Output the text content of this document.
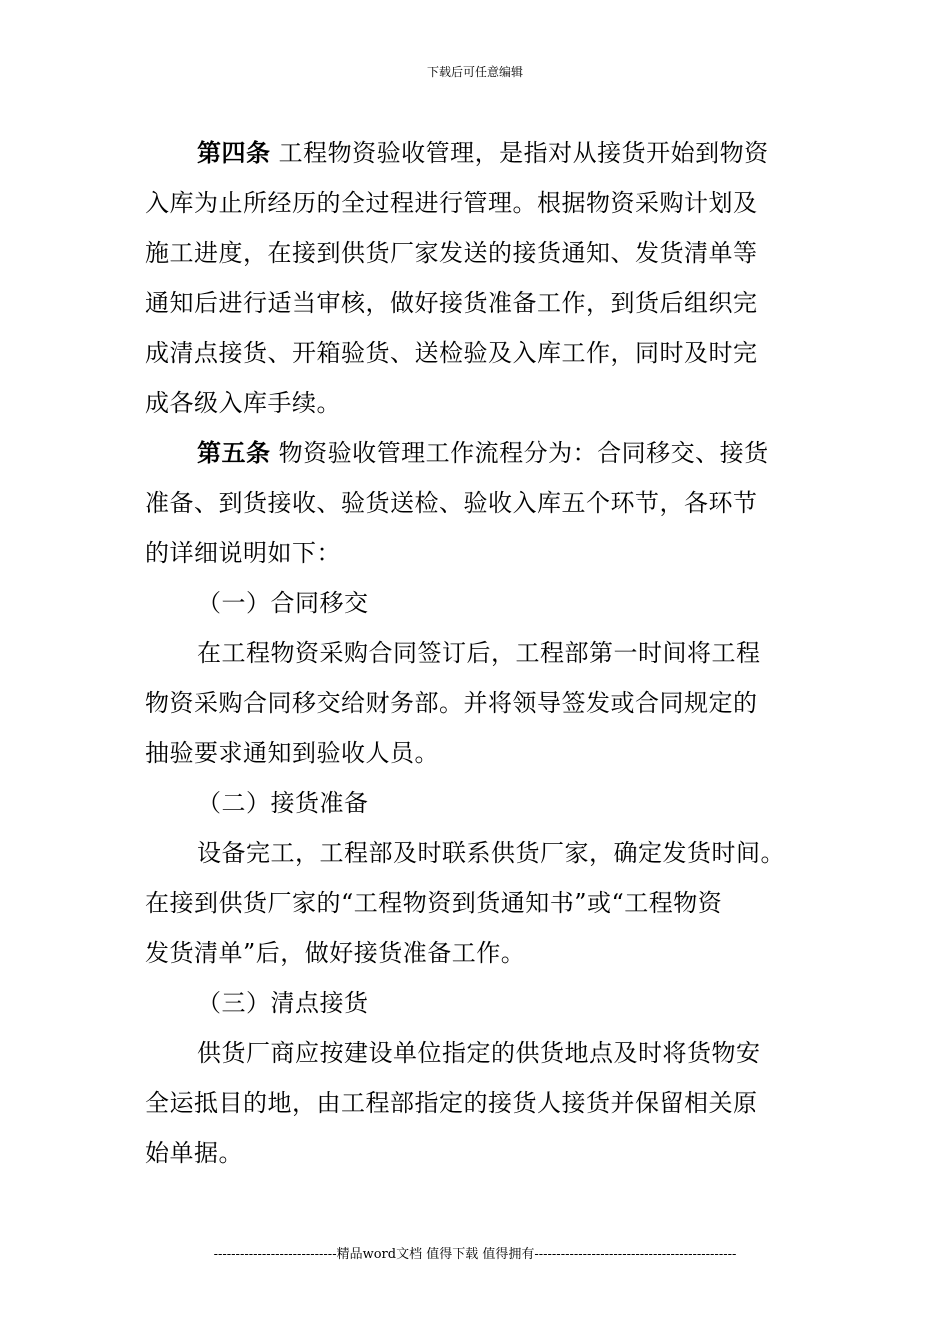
下载后可任意编辑
第四条 工程物资验收管理，是指对从接货开始到物资
入库为止所经历的全过程进行管理。根据物资采购计划及
施工进度，在接到供货厂家发送的接货通知、发货清单等
通知后进行适当审核，做好接货准备工作，到货后组织完
成清点接货、开箱验货、送检验及入库工作，同时及时完
成各级入库手续。
第五条 物资验收管理工作流程分为：合同移交、接货
准备、到货接收、验货送检、验收入库五个环节，各环节
的详细说明如下：
（一）合同移交
在工程物资采购合同签订后，工程部第一时间将工程
物资采购合同移交给财务部。并将领导签发或合同规定的
抽验要求通知到验收人员。
（二）接货准备
设备完工，工程部及时联系供货厂家，确定发货时间。
在接到供货厂家的“工程物资到货通知书”或“工程物资
发货清单”后，做好接货准备工作。
（三）清点接货
供货厂商应按建设单位指定的供货地点及时将货物安
全运抵目的地，由工程部指定的接货人接货并保留相关原
始单据。
----------------------------精品word文档 值得下载 值得拥有----------------------------------------------
